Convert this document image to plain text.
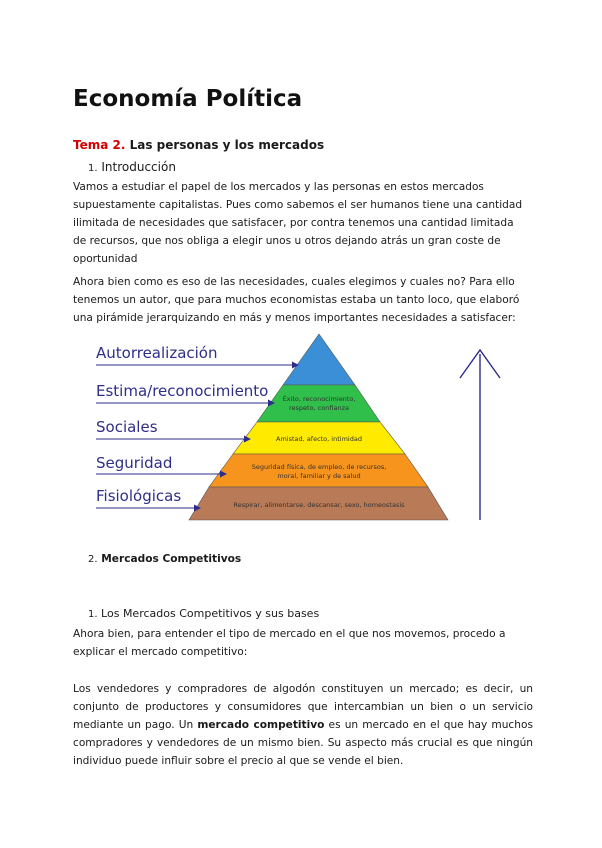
Economía Política
Tema 2. Las personas y los mercados
1. Introducción

Vamos a estudiar el papel de los mercados y las personas en estos mercados

supuestamente capitalistas. Pues como sabemos el ser humanos tiene una cantidad

ilimitada de necesidades que satisfacer, por contra tenemos una cantidad limitada

de recursos, que nos obliga a elegir unos u otros dejando atrás un gran coste de

oportunidad

Ahora bien como es eso de las necesidades, cuales elegimos y cuales no? Para ello

tenemos un autor, que para muchos economistas estaba un tanto loco, que elaboró

una pirámide jerarquizando en más y menos importantes necesidades a satisfacer:

Éxito, reconocimiento,
respeto, confianza
Amistad, afecto, intimidad
Seguridad física, de empleo, de recursos,
moral, familiar y de salud
Respirar, alimentarse, descansar, sexo, homeostasis
Autorrealización
Estima/reconocimiento
Sociales
Seguridad
Fisiológicas
2. Mercados Competitivos
1. Los Mercados Competitivos y sus bases

Ahora bien, para entender el tipo de mercado en el que nos movemos, procedo a

explicar el mercado competitivo:

Los vendedores y compradores de algodón constituyen un mercado; es decir, un conjunto de productores y consumidores que intercambian un bien o un servicio mediante un pago. Un mercado competitivo es un mercado en el que hay muchos compradores y vendedores de un mismo bien. Su aspecto más crucial es que ningún individuo puede influir sobre el precio al que se vende el bien.
